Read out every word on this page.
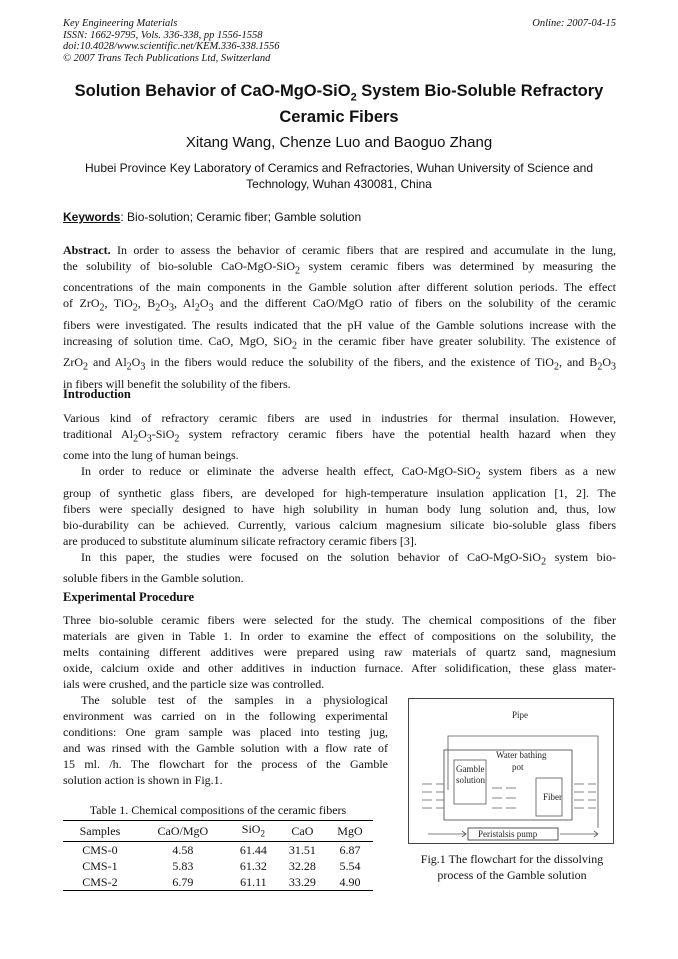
Key Engineering Materials
ISSN: 1662-9795, Vols. 336-338, pp 1556-1558
doi:10.4028/www.scientific.net/KEM.336-338.1556
© 2007 Trans Tech Publications Ltd, Switzerland
Online: 2007-04-15
Solution Behavior of CaO-MgO-SiO$_2$ System Bio-Soluble Refractory
Ceramic Fibers
Xitang Wang, Chenze Luo and Baoguo Zhang
Hubei Province Key Laboratory of Ceramics and Refractories, Wuhan University of Science and
Technology, Wuhan 430081, China
Keywords: Bio-solution; Ceramic fiber; Gamble solution
Abstract. In order to assess the behavior of ceramic fibers that are respired and accumulate in the lung,
the solubility of bio-soluble CaO-MgO-SiO$_2$ system ceramic fibers was determined by measuring the
concentrations of the main components in the Gamble solution after different solution periods. The effect
of ZrO$_2$, TiO$_2$, $B_2O_3$, $Al_2O_3$ and the different CaO/MgO ratio of fibers on the solubility of the ceramic
fibers were investigated. The results indicated that the pH value of the Gamble solutions increase with the
increasing of solution time. CaO, MgO, SiO$_2$ in the ceramic fiber have greater solubility. The existence of
ZrO$_2$ and $Al_2O_3$ in the fibers would reduce the solubility of the fibers, and the existence of TiO$_2$, and $B_2O_3$
in fibers will benefit the solubility of the fibers.
Introduction
Various kind of refractory ceramic fibers are used in industries for thermal insulation. However,
traditional $Al_2O_3-SiO_2$ system refractory ceramic fibers have the potential health hazard when they
come into the lung of human beings.
In order to reduce or eliminate the adverse health effect, CaO-MgO-SiO$_2$ system fibers as a new
group of synthetic glass fibers, are developed for high-temperature insulation application [1, 2]. The
fibers were specially designed to have high solubility in human body lung solution and, thus, low
bio-durability can be achieved. Currently, various calcium magnesium silicate bio-soluble glass fibers
are produced to substitute aluminum silicate refractory ceramic fibers [3].
In this paper, the studies were focused on the solution behavior of CaO-MgO-SiO$_2$ system bio-
soluble fibers in the Gamble solution.
Experimental Procedure
Three bio-soluble ceramic fibers were selected for the study. The chemical compositions of the fiber
materials are given in Table 1. In order to examine the effect of compositions on the solubility, the
melts containing different additives were prepared using raw materials of quartz sand, magnesium
oxide, calcium oxide and other additives in induction furnace. After solidification, these glass mater-
ials were crushed, and the particle size was controlled.
The soluble test of the samples in a physiological
environment was carried on in the following experimental
conditions: One gram sample was placed into testing jug,
and was rinsed with the Gamble solution with a flow rate of
15 ml. /h. The flowchart for the process of the Gamble
solution action is shown in Fig.1.
Table 1. Chemical compositions of the ceramic fibers
Samples	CaO/MgO	SiO$_2$	CaO	MgO
CMS-0	4.58	61.44	31.51	6.87
CMS-1	5.83	61.32	32.28	5.54
CMS-2	6.79	61.11	33.29	4.90
Pipe
Water bathing
pot
Gamble
solution
Fiber
Peristalsis pump
Fig.1 The flowchart for the dissolving
process of the Gamble solution
